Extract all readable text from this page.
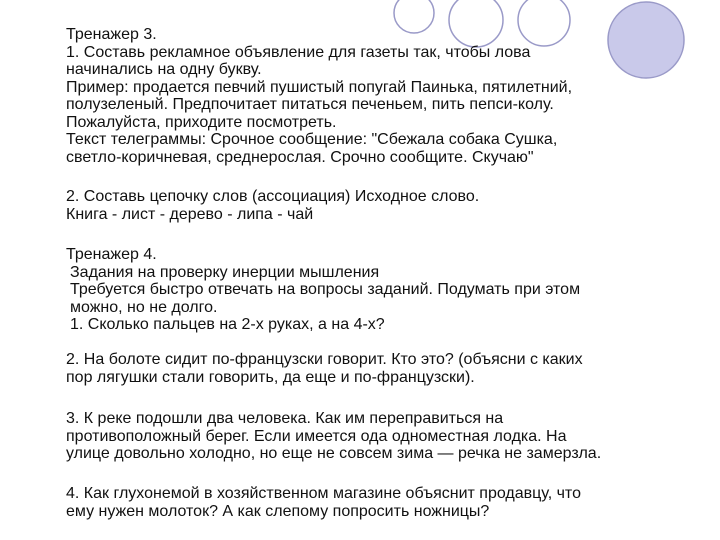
Тренажер 3.
1. Составь рекламное объявление для газеты так, чтобы лова
начинались на одну букву.
Пример: продается певчий пушистый попугай Паинька, пятилетний,
полузеленый. Предпочитает питаться печеньем, пить пепси-колу.
Пожалуйста, приходите посмотреть.
Текст телеграммы: Срочное сообщение: "Сбежала собака Сушка,
светло-коричневая, среднерослая. Срочно сообщите. Скучаю"
2. Составь цепочку слов (ассоциация) Исходное слово.
Книга - лист - дерево - липа - чай
Тренажер 4.
Задания на проверку инерции мышления
Требуется быстро отвечать на вопросы заданий. Подумать при этом
можно, но не долго.
1. Сколько пальцев на 2-х руках, а на 4-х?
2. На болоте сидит по-французски говорит. Кто это? (объясни с каких
пор лягушки стали говорить, да еще и по-французски).
3. К реке подошли два человека. Как им переправиться на
противоположный берег. Если имеется ода одноместная лодка. На
улице довольно холодно, но еще не совсем зима — речка не замерзла.
4. Как глухонемой в хозяйственном магазине объяснит продавцу, что
ему нужен молоток? А как слепому попросить ножницы?
